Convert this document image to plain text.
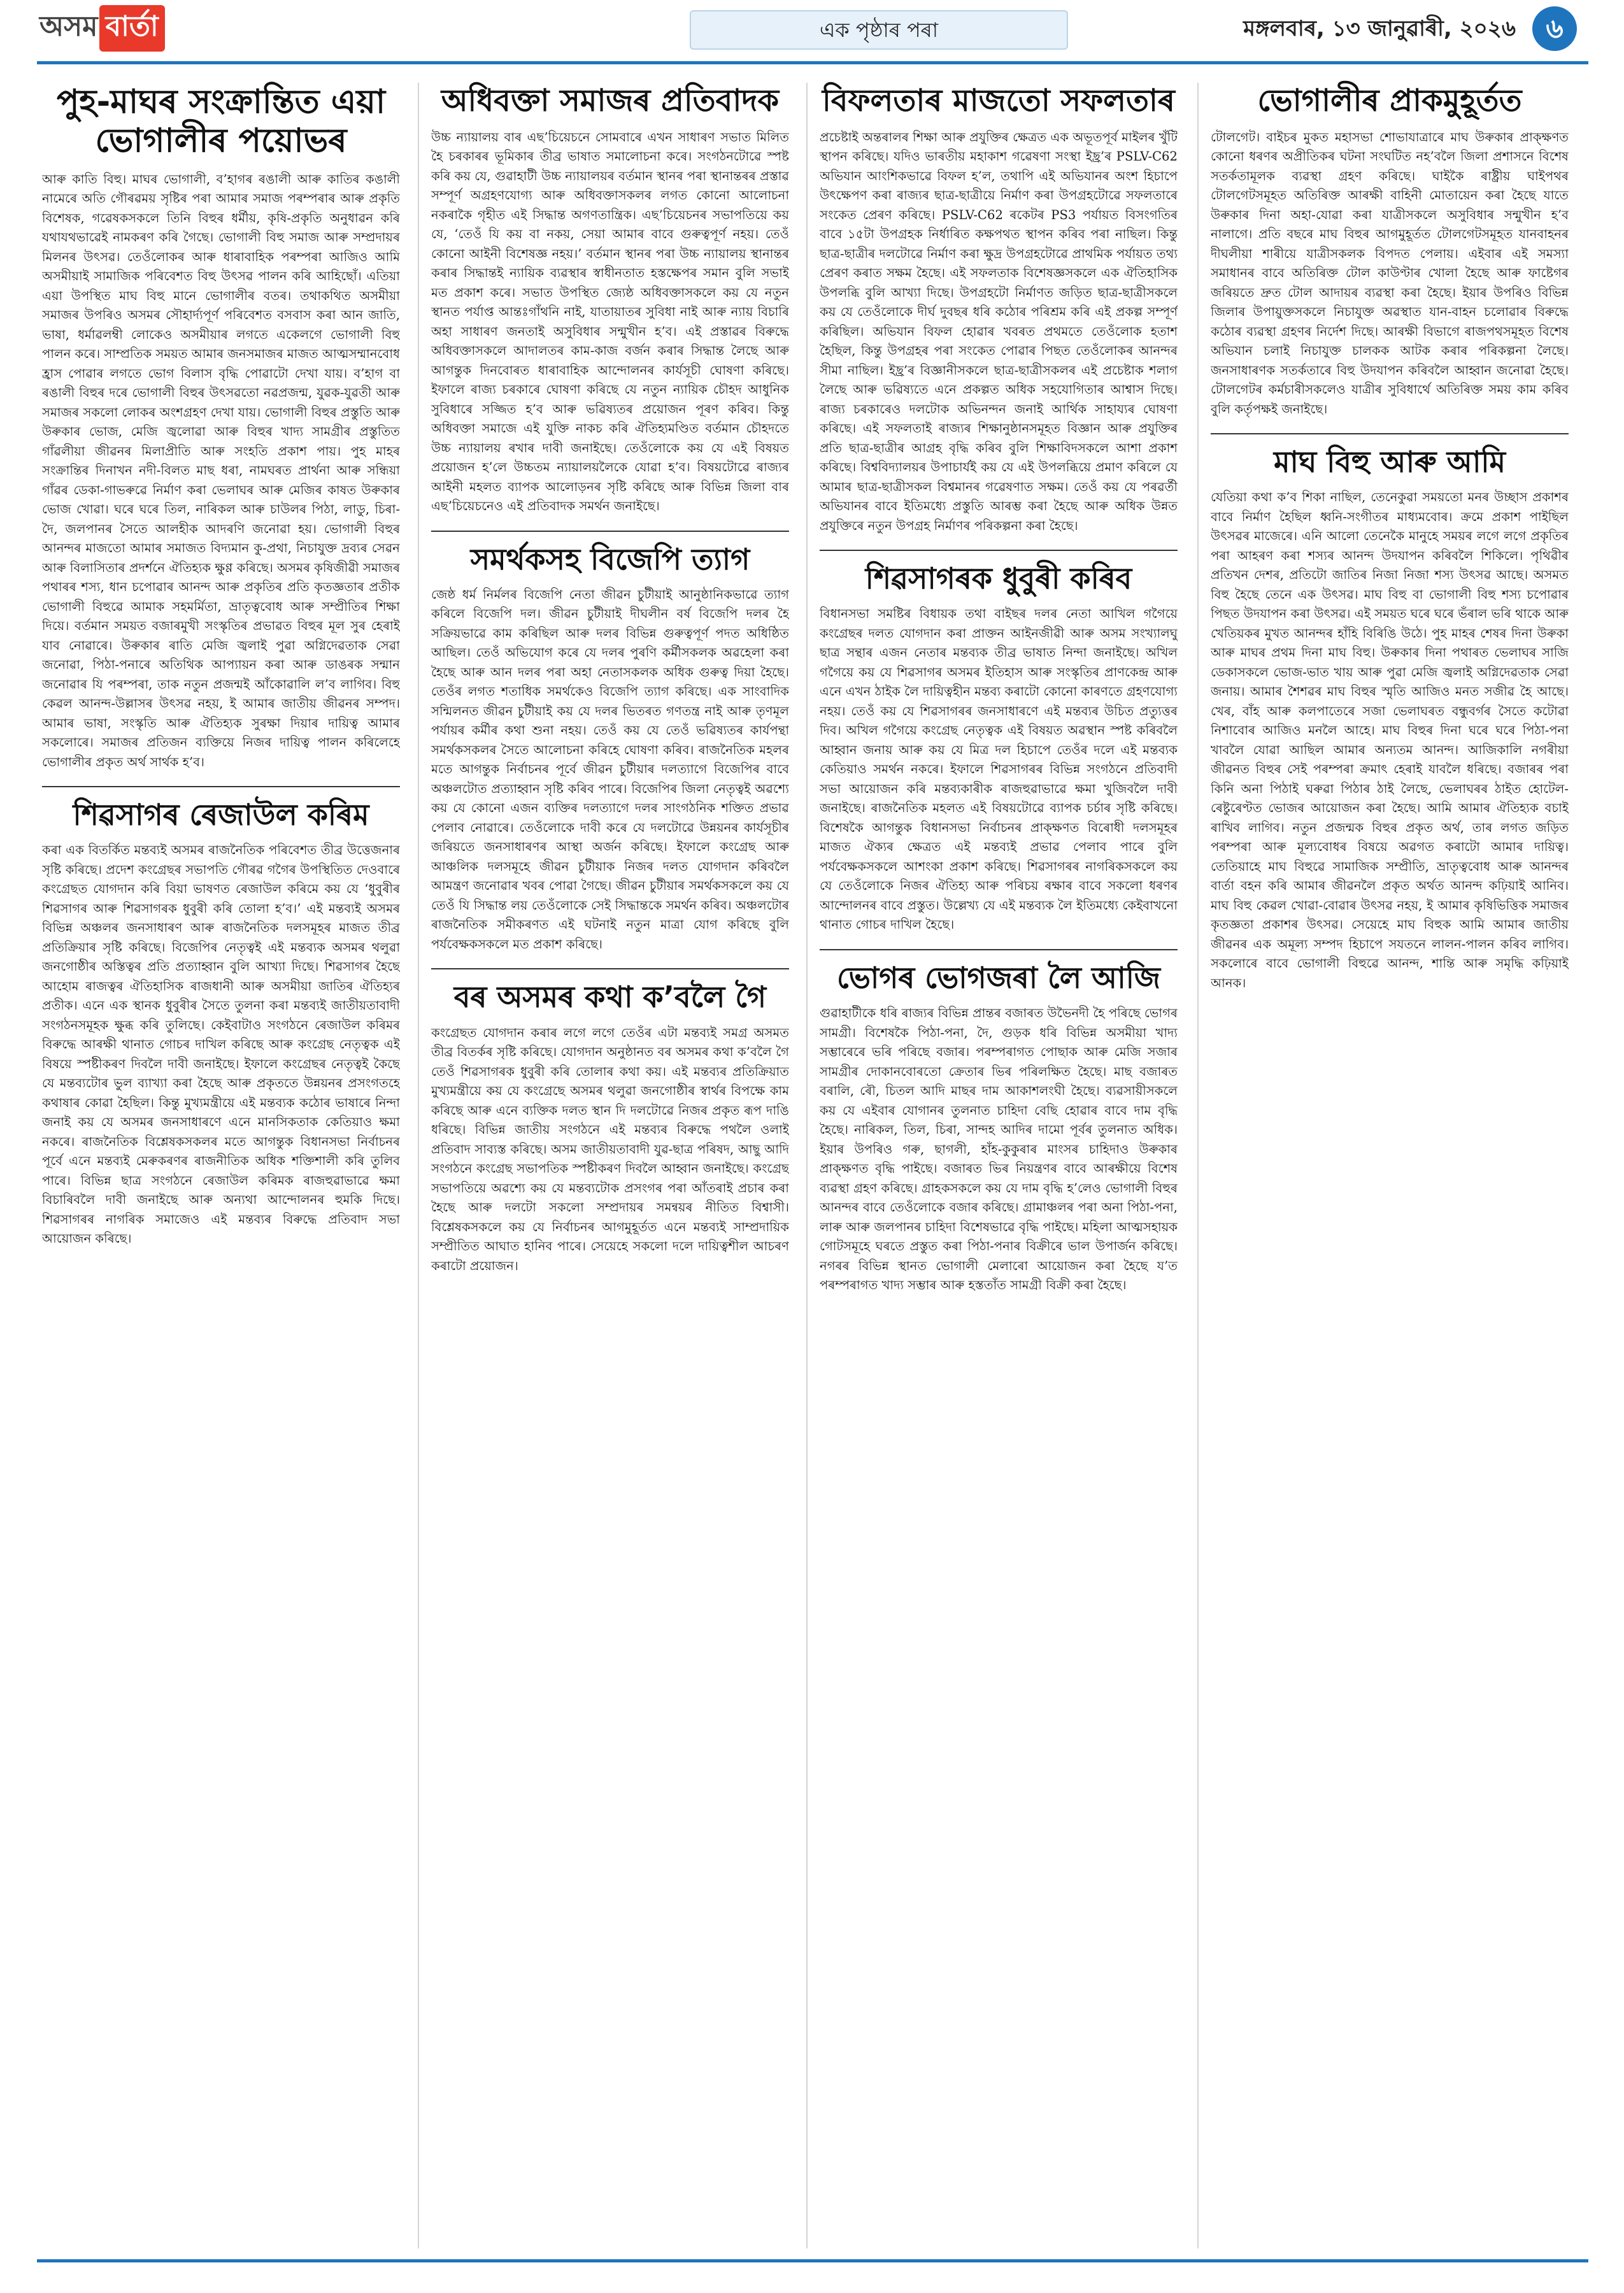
অসম বাৰ্তা	এক পৃষ্ঠাৰ পৰা	মঙ্গলবাৰ, ১৩ জানুৱাৰী, ২০২৬	৬
পুহ-মাঘৰ সংক্ৰান্তিত এয়া ভোগালীৰ পয়োভৰ
আৰু কাতি বিহু। মাঘৰ ভোগালী, ব’হাগৰ ৰঙালী আৰু কাতিৰ কঙালী নামেৰে অতি গৌৰৱময় সৃষ্টিৰ পৰা আমাৰ সমাজ পৰম্পৰাৰ আৰু প্ৰকৃতি বিশেষক, গৱেষকসকলে তিনি বিহুৰ ধৰ্মীয়, কৃষি-প্ৰকৃতি অনুধাৱন কৰি যথাযথভাৱেই নামকৰণ কৰি গৈছে। ভোগালী বিহু সমাজ আৰু সম্প্ৰদায়ৰ মিলনৰ উৎসৱ। তেওঁলোকৰ আৰু ধাৰাবাহিক পৰম্পৰা আজিও আমি অসমীয়াই সামাজিক পৰিবেশত বিহু উৎসৱ পালন কৰি আহিছোঁ। এতিয়া এয়া উপস্থিত মাঘ বিহু মানে ভোগালীৰ বতৰ। তথাকথিত অসমীয়া সমাজৰ উপৰিও অসমৰ সৌহাৰ্দ্যপূৰ্ণ পৰিবেশত বসবাস কৰা আন জাতি, ভাষা, ধৰ্মাৱলম্বী লোকেও অসমীয়াৰ লগতে একেলগে ভোগালী বিহু পালন কৰে। সাম্প্ৰতিক সময়ত আমাৰ জনসমাজৰ মাজত আত্মসম্মানবোধ হ্ৰাস পোৱাৰ লগতে ভোগ বিলাস বৃদ্ধি পোৱাটো দেখা যায়। ব’হাগ বা ৰঙালী বিহুৰ দৰে ভোগালী বিহুৰ উৎসৱতো নৱপ্ৰজন্ম, যুৱক-যুৱতী আৰু সমাজৰ সকলো লোকৰ অংশগ্ৰহণ দেখা যায়। ভোগালী বিহুৰ প্ৰস্তুতি আৰু উৰুকাৰ ভোজ, মেজি জ্বলোৱা আৰু বিহুৰ খাদ্য সামগ্ৰীৰ প্ৰস্তুতিত গাঁৱলীয়া জীৱনৰ মিলাপ্ৰীতি আৰু সংহতি প্ৰকাশ পায়। পুহ মাহৰ সংক্ৰান্তিৰ দিনাখন নদী-বিলত মাছ ধৰা, নামঘৰত প্ৰাৰ্থনা আৰু সন্ধিয়া গাঁৱৰ ডেকা-গাভৰুৱে নিৰ্মাণ কৰা ভেলাঘৰ আৰু মেজিৰ কাষত উৰুকাৰ ভোজ খোৱা। ঘৰে ঘৰে তিল, নাৰিকল আৰু চাউলৰ পিঠা, লাডু, চিৰা-দৈ, জলপানৰ সৈতে আলহীক আদৰণি জনোৱা হয়। ভোগালী বিহুৰ আনন্দৰ মাজতো আমাৰ সমাজত বিদ্যমান কু-প্ৰথা, নিচাযুক্ত দ্ৰব্যৰ সেৱন আৰু বিলাসিতাৰ প্ৰদৰ্শনে ঐতিহ্যক ক্ষুণ্ণ কৰিছে। অসমৰ কৃষিজীৱী সমাজৰ পথাৰৰ শস্য, ধান চপোৱাৰ আনন্দ আৰু প্ৰকৃতিৰ প্ৰতি কৃতজ্ঞতাৰ প্ৰতীক ভোগালী বিহুৱে আমাক সহমৰ্মিতা, ভ্ৰাতৃত্ববোধ আৰু সম্প্ৰীতিৰ শিক্ষা দিয়ে। বৰ্তমান সময়ত বজাৰমুখী সংস্কৃতিৰ প্ৰভাৱত বিহুৰ মূল সুৰ হেৰাই যাব নোৱাৰে। উৰুকাৰ ৰাতি মেজি জ্বলাই পুৱা অগ্নিদেৱতাক সেৱা জনোৱা, পিঠা-পনাৰে অতিথিক আপ্যায়ন কৰা আৰু ডাঙৰক সন্মান জনোৱাৰ যি পৰম্পৰা, তাক নতুন প্ৰজন্মই আঁকোৱালি ল’ব লাগিব। বিহু কেৱল আনন্দ-উল্লাসৰ উৎসৱ নহয়, ই আমাৰ জাতীয় জীৱনৰ সম্পদ। আমাৰ ভাষা, সংস্কৃতি আৰু ঐতিহ্যক সুৰক্ষা দিয়াৰ দায়িত্ব আমাৰ সকলোৰে। সমাজৰ প্ৰতিজন ব্যক্তিয়ে নিজৰ দায়িত্ব পালন কৰিলেহে ভোগালীৰ প্ৰকৃত অৰ্থ সাৰ্থক হ’ব।
শিৱসাগৰ ৰেজাউল কৰিম
কৰা এক বিতৰ্কিত মন্তব্যই অসমৰ ৰাজনৈতিক পৰিবেশত তীব্ৰ উত্তেজনাৰ সৃষ্টি কৰিছে। প্ৰদেশ কংগ্ৰেছৰ সভাপতি গৌৰৱ গগৈৰ উপস্থিতিত দেওবাৰে কংগ্ৰেছত যোগদান কৰি বিয়া ভাষণত ৰেজাউল কৰিমে কয় যে ‘ধুবুৰীৰ শিৱসাগৰ আৰু শিৱসাগৰক ধুবুৰী কৰি তোলা হ’ব।’ এই মন্তব্যই অসমৰ বিভিন্ন অঞ্চলৰ জনসাধাৰণ আৰু ৰাজনৈতিক দলসমূহৰ মাজত তীব্ৰ প্ৰতিক্ৰিয়াৰ সৃষ্টি কৰিছে। বিজেপিৰ নেতৃত্বই এই মন্তব্যক অসমৰ থলুৱা জনগোষ্ঠীৰ অস্তিত্বৰ প্ৰতি প্ৰত্যাহ্বান বুলি আখ্যা দিছে। শিৱসাগৰ হৈছে আহোম ৰাজত্বৰ ঐতিহাসিক ৰাজধানী আৰু অসমীয়া জাতিৰ ঐতিহ্যৰ প্ৰতীক। এনে এক স্থানক ধুবুৰীৰ সৈতে তুলনা কৰা মন্তব্যই জাতীয়তাবাদী সংগঠনসমূহক ক্ষুব্ধ কৰি তুলিছে। কেইবাটাও সংগঠনে ৰেজাউল কৰিমৰ বিৰুদ্ধে আৰক্ষী থানাত গোচৰ দাখিল কৰিছে আৰু কংগ্ৰেছ নেতৃত্বক এই বিষয়ে স্পষ্টীকৰণ দিবলৈ দাবী জনাইছে। ইফালে কংগ্ৰেছৰ নেতৃত্বই কৈছে যে মন্তব্যটোৰ ভুল ব্যাখ্যা কৰা হৈছে আৰু প্ৰকৃততে উন্নয়নৰ প্ৰসংগতহে কথাষাৰ কোৱা হৈছিল। কিন্তু মুখ্যমন্ত্ৰীয়ে এই মন্তব্যক কঠোৰ ভাষাৰে নিন্দা জনাই কয় যে অসমৰ জনসাধাৰণে এনে মানসিকতাক কেতিয়াও ক্ষমা নকৰে। ৰাজনৈতিক বিশ্লেষকসকলৰ মতে আগন্তুক বিধানসভা নিৰ্বাচনৰ পূৰ্বে এনে মন্তব্যই মেৰুকৰণৰ ৰাজনীতিক অধিক শক্তিশালী কৰি তুলিব পাৰে। বিভিন্ন ছাত্ৰ সংগঠনে ৰেজাউল কৰিমক ৰাজহুৱাভাৱে ক্ষমা বিচাৰিবলৈ দাবী জনাইছে আৰু অন্যথা আন্দোলনৰ হুমকি দিছে। শিৱসাগৰৰ নাগৰিক সমাজেও এই মন্তব্যৰ বিৰুদ্ধে প্ৰতিবাদ সভা আয়োজন কৰিছে।
অধিবক্তা সমাজৰ প্ৰতিবাদক
উচ্চ ন্যায়ালয় বাৰ এছ’চিয়েচনে সোমবাৰে এখন সাধাৰণ সভাত মিলিত হৈ চৰকাৰৰ ভূমিকাৰ তীব্ৰ ভাষাত সমালোচনা কৰে। সংগঠনটোৱে স্পষ্ট কৰি কয় যে, গুৱাহাটী উচ্চ ন্যায়ালয়ৰ বৰ্তমান স্থানৰ পৰা স্থানান্তৰৰ প্ৰস্তাৱ সম্পূৰ্ণ অগ্ৰহণযোগ্য আৰু অধিবক্তাসকলৰ লগত কোনো আলোচনা নকৰাকৈ গৃহীত এই সিদ্ধান্ত অগণতান্ত্ৰিক। এছ’চিয়েচনৰ সভাপতিয়ে কয় যে, ‘তেওঁ যি কয় বা নকয়, সেয়া আমাৰ বাবে গুৰুত্বপূৰ্ণ নহয়। তেওঁ কোনো আইনী বিশেষজ্ঞ নহয়।’ বৰ্তমান স্থানৰ পৰা উচ্চ ন্যায়ালয় স্থানান্তৰ কৰাৰ সিদ্ধান্তই ন্যায়িক ব্যৱস্থাৰ স্বাধীনতাত হস্তক্ষেপৰ সমান বুলি সভাই মত প্ৰকাশ কৰে। সভাত উপস্থিত জ্যেষ্ঠ অধিবক্তাসকলে কয় যে নতুন স্থানত পৰ্যাপ্ত আন্তঃগাঁথনি নাই, যাতায়াতৰ সুবিধা নাই আৰু ন্যায় বিচাৰি অহা সাধাৰণ জনতাই অসুবিধাৰ সন্মুখীন হ’ব। এই প্ৰস্তাৱৰ বিৰুদ্ধে অধিবক্তাসকলে আদালতৰ কাম-কাজ বৰ্জন কৰাৰ সিদ্ধান্ত লৈছে আৰু আগন্তুক দিনবোৰত ধাৰাবাহিক আন্দোলনৰ কাৰ্যসূচী ঘোষণা কৰিছে। ইফালে ৰাজ্য চৰকাৰে ঘোষণা কৰিছে যে নতুন ন্যায়িক চৌহদ আধুনিক সুবিধাৰে সজ্জিত হ’ব আৰু ভৱিষ্যতৰ প্ৰয়োজন পূৰণ কৰিব। কিন্তু অধিবক্তা সমাজে এই যুক্তি নাকচ কৰি ঐতিহ্যমণ্ডিত বৰ্তমান চৌহদতে উচ্চ ন্যায়ালয় ৰখাৰ দাবী জনাইছে। তেওঁলোকে কয় যে এই বিষয়ত প্ৰয়োজন হ’লে উচ্চতম ন্যায়ালয়লৈকে যোৱা হ’ব। বিষয়টোৱে ৰাজ্যৰ আইনী মহলত ব্যাপক আলোড়নৰ সৃষ্টি কৰিছে আৰু বিভিন্ন জিলা বাৰ এছ’চিয়েচনেও এই প্ৰতিবাদক সমৰ্থন জনাইছে।
সমৰ্থকসহ বিজেপি ত্যাগ
জেষ্ঠ ধৰ্ম নিৰ্মলৰ বিজেপি নেতা জীৱন চুটীয়াই আনুষ্ঠানিকভাৱে ত্যাগ কৰিলে বিজেপি দল। জীৱন চুটীয়াই দীঘলীন বৰ্ষ বিজেপি দলৰ হৈ সক্ৰিয়ভাৱে কাম কৰিছিল আৰু দলৰ বিভিন্ন গুৰুত্বপূৰ্ণ পদত অধিষ্ঠিত আছিল। তেওঁ অভিযোগ কৰে যে দলৰ পুৰণি কৰ্মীসকলক অৱহেলা কৰা হৈছে আৰু আন দলৰ পৰা অহা নেতাসকলক অধিক গুৰুত্ব দিয়া হৈছে। তেওঁৰ লগত শতাধিক সমৰ্থকেও বিজেপি ত্যাগ কৰিছে। এক সাংবাদিক সন্মিলনত জীৱন চুটীয়াই কয় যে দলৰ ভিতৰত গণতন্ত্ৰ নাই আৰু তৃণমূল পৰ্যায়ৰ কৰ্মীৰ কথা শুনা নহয়। তেওঁ কয় যে তেওঁ ভৱিষ্যতৰ কাৰ্যপন্থা সমৰ্থকসকলৰ সৈতে আলোচনা কৰিহে ঘোষণা কৰিব। ৰাজনৈতিক মহলৰ মতে আগন্তুক নিৰ্বাচনৰ পূৰ্বে জীৱন চুটীয়াৰ দলত্যাগে বিজেপিৰ বাবে অঞ্চলটোত প্ৰত্যাহ্বান সৃষ্টি কৰিব পাৰে। বিজেপিৰ জিলা নেতৃত্বই অৱশ্যে কয় যে কোনো এজন ব্যক্তিৰ দলত্যাগে দলৰ সাংগঠনিক শক্তিত প্ৰভাৱ পেলাব নোৱাৰে। তেওঁলোকে দাবী কৰে যে দলটোৱে উন্নয়নৰ কাৰ্যসূচীৰ জৰিয়তে জনসাধাৰণৰ আস্থা অৰ্জন কৰিছে। ইফালে কংগ্ৰেছ আৰু আঞ্চলিক দলসমূহে জীৱন চুটীয়াক নিজৰ দলত যোগদান কৰিবলৈ আমন্ত্ৰণ জনোৱাৰ খবৰ পোৱা গৈছে। জীৱন চুটীয়াৰ সমৰ্থকসকলে কয় যে তেওঁ যি সিদ্ধান্ত লয় তেওঁলোকে সেই সিদ্ধান্তকে সমৰ্থন কৰিব। অঞ্চলটোৰ ৰাজনৈতিক সমীকৰণত এই ঘটনাই নতুন মাত্ৰা যোগ কৰিছে বুলি পৰ্যবেক্ষকসকলে মত প্ৰকাশ কৰিছে।
বৰ অসমৰ কথা ক’বলৈ গৈ
কংগ্ৰেছত যোগদান কৰাৰ লগে লগে তেওঁৰ এটা মন্তব্যই সমগ্ৰ অসমত তীব্ৰ বিতৰ্কৰ সৃষ্টি কৰিছে। যোগদান অনুষ্ঠানত বৰ অসমৰ কথা ক’বলৈ গৈ তেওঁ শিৱসাগৰক ধুবুৰী কৰি তোলাৰ কথা কয়। এই মন্তব্যৰ প্ৰতিক্ৰিয়াত মুখ্যমন্ত্ৰীয়ে কয় যে কংগ্ৰেছে অসমৰ থলুৱা জনগোষ্ঠীৰ স্বাৰ্থৰ বিপক্ষে কাম কৰিছে আৰু এনে ব্যক্তিক দলত স্থান দি দলটোৱে নিজৰ প্ৰকৃত ৰূপ দাঙি ধৰিছে। বিভিন্ন জাতীয় সংগঠনে এই মন্তব্যৰ বিৰুদ্ধে পথলৈ ওলাই প্ৰতিবাদ সাব্যস্ত কৰিছে। অসম জাতীয়তাবাদী যুৱ-ছাত্ৰ পৰিষদ, আছু আদি সংগঠনে কংগ্ৰেছ সভাপতিক স্পষ্টীকৰণ দিবলৈ আহ্বান জনাইছে। কংগ্ৰেছ সভাপতিয়ে অৱশ্যে কয় যে মন্তব্যটোক প্ৰসংগৰ পৰা আঁতৰাই প্ৰচাৰ কৰা হৈছে আৰু দলটো সকলো সম্প্ৰদায়ৰ সমন্বয়ৰ নীতিত বিশ্বাসী। বিশ্লেষকসকলে কয় যে নিৰ্বাচনৰ আগমুহূৰ্তত এনে মন্তব্যই সাম্প্ৰদায়িক সম্প্ৰীতিত আঘাত হানিব পাৰে। সেয়েহে সকলো দলে দায়িত্বশীল আচৰণ কৰাটো প্ৰয়োজন।
বিফলতাৰ মাজতো সফলতাৰ
প্ৰচেষ্টাই অন্তৰালৰ শিক্ষা আৰু প্ৰযুক্তিৰ ক্ষেত্ৰত এক অভূতপূৰ্ব মাইলৰ খুঁটি স্থাপন কৰিছে। যদিও ভাৰতীয় মহাকাশ গৱেষণা সংস্থা ইছ্ৰ’ৰ PSLV-C62 অভিযান আংশিকভাৱে বিফল হ’ল, তথাপি এই অভিযানৰ অংশ হিচাপে উৎক্ষেপণ কৰা ৰাজ্যৰ ছাত্ৰ-ছাত্ৰীয়ে নিৰ্মাণ কৰা উপগ্ৰহটোৱে সফলতাৰে সংকেত প্ৰেৰণ কৰিছে। PSLV-C62 ৰকেটৰ PS3 পৰ্যায়ত বিসংগতিৰ বাবে ১৫টা উপগ্ৰহক নিৰ্ধাৰিত কক্ষপথত স্থাপন কৰিব পৰা নাছিল। কিন্তু ছাত্ৰ-ছাত্ৰীৰ দলটোৱে নিৰ্মাণ কৰা ক্ষুদ্ৰ উপগ্ৰহটোৱে প্ৰাথমিক পৰ্যায়ত তথ্য প্ৰেৰণ কৰাত সক্ষম হৈছে। এই সফলতাক বিশেষজ্ঞসকলে এক ঐতিহাসিক উপলব্ধি বুলি আখ্যা দিছে। উপগ্ৰহটো নিৰ্মাণত জড়িত ছাত্ৰ-ছাত্ৰীসকলে কয় যে তেওঁলোকে দীৰ্ঘ দুবছৰ ধৰি কঠোৰ পৰিশ্ৰম কৰি এই প্ৰকল্প সম্পূৰ্ণ কৰিছিল। অভিযান বিফল হোৱাৰ খবৰত প্ৰথমতে তেওঁলোক হতাশ হৈছিল, কিন্তু উপগ্ৰহৰ পৰা সংকেত পোৱাৰ পিছত তেওঁলোকৰ আনন্দৰ সীমা নাছিল। ইছ্ৰ’ৰ বিজ্ঞানীসকলে ছাত্ৰ-ছাত্ৰীসকলৰ এই প্ৰচেষ্টাক শলাগ লৈছে আৰু ভৱিষ্যতে এনে প্ৰকল্পত অধিক সহযোগিতাৰ আশ্বাস দিছে। ৰাজ্য চৰকাৰেও দলটোক অভিনন্দন জনাই আৰ্থিক সাহায্যৰ ঘোষণা কৰিছে। এই সফলতাই ৰাজ্যৰ শিক্ষানুষ্ঠানসমূহত বিজ্ঞান আৰু প্ৰযুক্তিৰ প্ৰতি ছাত্ৰ-ছাত্ৰীৰ আগ্ৰহ বৃদ্ধি কৰিব বুলি শিক্ষাবিদসকলে আশা প্ৰকাশ কৰিছে। বিশ্ববিদ্যালয়ৰ উপাচাৰ্যই কয় যে এই উপলব্ধিয়ে প্ৰমাণ কৰিলে যে আমাৰ ছাত্ৰ-ছাত্ৰীসকল বিশ্বমানৰ গৱেষণাত সক্ষম। তেওঁ কয় যে পৰৱৰ্তী অভিযানৰ বাবে ইতিমধ্যে প্ৰস্তুতি আৰম্ভ কৰা হৈছে আৰু অধিক উন্নত প্ৰযুক্তিৰে নতুন উপগ্ৰহ নিৰ্মাণৰ পৰিকল্পনা কৰা হৈছে।
শিৱসাগৰক ধুবুৰী কৰিব
বিধানসভা সমষ্টিৰ বিধায়ক তথা বাইছৰ দলৰ নেতা আখিল গগৈয়ে কংগ্ৰেছৰ দলত যোগদান কৰা প্ৰাক্তন আইনজীৱী আৰু অসম সংখ্যালঘু ছাত্ৰ সন্থাৰ এজন নেতাৰ মন্তব্যক তীব্ৰ ভাষাত নিন্দা জনাইছে। অখিল গগৈয়ে কয় যে শিৱসাগৰ অসমৰ ইতিহাস আৰু সংস্কৃতিৰ প্ৰাণকেন্দ্ৰ আৰু এনে এখন ঠাইক লৈ দায়িত্বহীন মন্তব্য কৰাটো কোনো কাৰণতে গ্ৰহণযোগ্য নহয়। তেওঁ কয় যে শিৱসাগৰৰ জনসাধাৰণে এই মন্তব্যৰ উচিত প্ৰত্যুত্তৰ দিব। অখিল গগৈয়ে কংগ্ৰেছ নেতৃত্বক এই বিষয়ত অৱস্থান স্পষ্ট কৰিবলৈ আহ্বান জনায় আৰু কয় যে মিত্ৰ দল হিচাপে তেওঁৰ দলে এই মন্তব্যক কেতিয়াও সমৰ্থন নকৰে। ইফালে শিৱসাগৰৰ বিভিন্ন সংগঠনে প্ৰতিবাদী সভা আয়োজন কৰি মন্তব্যকাৰীক ৰাজহুৱাভাৱে ক্ষমা খুজিবলৈ দাবী জনাইছে। ৰাজনৈতিক মহলত এই বিষয়টোৱে ব্যাপক চৰ্চাৰ সৃষ্টি কৰিছে। বিশেষকৈ আগন্তুক বিধানসভা নিৰ্বাচনৰ প্ৰাক্ক্ষণত বিৰোধী দলসমূহৰ মাজত ঐক্যৰ ক্ষেত্ৰত এই মন্তব্যই প্ৰভাৱ পেলাব পাৰে বুলি পৰ্যবেক্ষকসকলে আশংকা প্ৰকাশ কৰিছে। শিৱসাগৰৰ নাগৰিকসকলে কয় যে তেওঁলোকে নিজৰ ঐতিহ্য আৰু পৰিচয় ৰক্ষাৰ বাবে সকলো ধৰণৰ আন্দোলনৰ বাবে প্ৰস্তুত। উল্লেখ্য যে এই মন্তব্যক লৈ ইতিমধ্যে কেইবাখনো থানাত গোচৰ দাখিল হৈছে।
ভোগৰ ভোগজৰা লৈ আজি
গুৱাহাটীকে ধৰি ৰাজ্যৰ বিভিন্ন প্ৰান্তৰ বজাৰত উভৈনদী হৈ পৰিছে ভোগৰ সামগ্ৰী। বিশেষকৈ পিঠা-পনা, দৈ, গুড়ক ধৰি বিভিন্ন অসমীয়া খাদ্য সম্ভাৰেৰে ভৰি পৰিছে বজাৰ। পৰম্পৰাগত পোছাক আৰু মেজি সজাৰ সামগ্ৰীৰ দোকানবোৰতো ক্ৰেতাৰ ভিৰ পৰিলক্ষিত হৈছে। মাছ বজাৰত বৰালি, ৰৌ, চিতল আদি মাছৰ দাম আকাশলংঘী হৈছে। ব্যৱসায়ীসকলে কয় যে এইবাৰ যোগানৰ তুলনাত চাহিদা বেছি হোৱাৰ বাবে দাম বৃদ্ধি হৈছে। নাৰিকল, তিল, চিৰা, সান্দহ আদিৰ দামো পূৰ্বৰ তুলনাত অধিক। ইয়াৰ উপৰিও গৰু, ছাগলী, হাঁহ-কুকুৰাৰ মাংসৰ চাহিদাও উৰুকাৰ প্ৰাক্ক্ষণত বৃদ্ধি পাইছে। বজাৰত ভিৰ নিয়ন্ত্ৰণৰ বাবে আৰক্ষীয়ে বিশেষ ব্যৱস্থা গ্ৰহণ কৰিছে। গ্ৰাহকসকলে কয় যে দাম বৃদ্ধি হ’লেও ভোগালী বিহুৰ আনন্দৰ বাবে তেওঁলোকে বজাৰ কৰিছে। গ্ৰামাঞ্চলৰ পৰা অনা পিঠা-পনা, লাৰু আৰু জলপানৰ চাহিদা বিশেষভাৱে বৃদ্ধি পাইছে। মহিলা আত্মসহায়ক গোটসমূহে ঘৰতে প্ৰস্তুত কৰা পিঠা-পনাৰ বিক্ৰীৰে ভাল উপাৰ্জন কৰিছে। নগৰৰ বিভিন্ন স্থানত ভোগালী মেলাৰো আয়োজন কৰা হৈছে য’ত পৰম্পৰাগত খাদ্য সম্ভাৰ আৰু হস্ততাঁত সামগ্ৰী বিক্ৰী কৰা হৈছে।
ভোগালীৰ প্ৰাকমুহূৰ্তত
টোলগেট। বাইচৰ মুকত মহাসভা শোভাযাত্ৰাৰে মাঘ উৰুকাৰ প্ৰাক্ক্ষণত কোনো ধৰণৰ অপ্ৰীতিকৰ ঘটনা সংঘটিত নহ’বলৈ জিলা প্ৰশাসনে বিশেষ সতৰ্কতামূলক ব্যৱস্থা গ্ৰহণ কৰিছে। ঘাইকৈ ৰাষ্ট্ৰীয় ঘাইপথৰ টোলগেটসমূহত অতিৰিক্ত আৰক্ষী বাহিনী মোতায়েন কৰা হৈছে যাতে উৰুকাৰ দিনা অহা-যোৱা কৰা যাত্ৰীসকলে অসুবিধাৰ সন্মুখীন হ’ব নালাগে। প্ৰতি বছৰে মাঘ বিহুৰ আগমুহূৰ্তত টোলগেটসমূহত যানবাহনৰ দীঘলীয়া শাৰীয়ে যাত্ৰীসকলক বিপদত পেলায়। এইবাৰ এই সমস্যা সমাধানৰ বাবে অতিৰিক্ত টোল কাউণ্টাৰ খোলা হৈছে আৰু ফাষ্টেগৰ জৰিয়তে দ্ৰুত টোল আদায়ৰ ব্যৱস্থা কৰা হৈছে। ইয়াৰ উপৰিও বিভিন্ন জিলাৰ উপায়ুক্তসকলে নিচাযুক্ত অৱস্থাত যান-বাহন চলোৱাৰ বিৰুদ্ধে কঠোৰ ব্যৱস্থা গ্ৰহণৰ নিৰ্দেশ দিছে। আৰক্ষী বিভাগে ৰাজপথসমূহত বিশেষ অভিযান চলাই নিচাযুক্ত চালকক আটক কৰাৰ পৰিকল্পনা লৈছে। জনসাধাৰণক সতৰ্কতাৰে বিহু উদযাপন কৰিবলৈ আহ্বান জনোৱা হৈছে। টোলগেটৰ কৰ্মচাৰীসকলেও যাত্ৰীৰ সুবিধাৰ্থে অতিৰিক্ত সময় কাম কৰিব বুলি কৰ্তৃপক্ষই জনাইছে।
মাঘ বিহু আৰু আমি
যেতিয়া কথা ক’ব শিকা নাছিল, তেনেকুৱা সময়তো মনৰ উচ্ছাস প্ৰকাশৰ বাবে নিৰ্মাণ হৈছিল ধ্বনি-সংগীতৰ মাধ্যমবোৰ। ক্ৰমে প্ৰকাশ পাইছিল উৎসৱৰ মাজেৰে। এনি আলো তেনেকৈ মানুহে সময়ৰ লগে লগে প্ৰকৃতিৰ পৰা আহৰণ কৰা শস্যৰ আনন্দ উদযাপন কৰিবলৈ শিকিলে। পৃথিৱীৰ প্ৰতিখন দেশৰ, প্ৰতিটো জাতিৰ নিজা নিজা শস্য উৎসৱ আছে। অসমত বিহু হৈছে তেনে এক উৎসৱ। মাঘ বিহু বা ভোগালী বিহু শস্য চপোৱাৰ পিছত উদযাপন কৰা উৎসৱ। এই সময়ত ঘৰে ঘৰে ভঁৰাল ভৰি থাকে আৰু খেতিয়কৰ মুখত আনন্দৰ হাঁহি বিৰিঙি উঠে। পুহ মাহৰ শেষৰ দিনা উৰুকা আৰু মাঘৰ প্ৰথম দিনা মাঘ বিহু। উৰুকাৰ দিনা পথাৰত ভেলাঘৰ সাজি ডেকাসকলে ভোজ-ভাত খায় আৰু পুৱা মেজি জ্বলাই অগ্নিদেৱতাক সেৱা জনায়। আমাৰ শৈশৱৰ মাঘ বিহুৰ স্মৃতি আজিও মনত সজীৱ হৈ আছে। খেৰ, বাঁহ আৰু কলপাতেৰে সজা ভেলাঘৰত বন্ধুবৰ্গৰ সৈতে কটোৱা নিশাবোৰ আজিও মনলৈ আহে। মাঘ বিহুৰ দিনা ঘৰে ঘৰে পিঠা-পনা খাবলৈ যোৱা আছিল আমাৰ অন্যতম আনন্দ। আজিকালি নগৰীয়া জীৱনত বিহুৰ সেই পৰম্পৰা ক্ৰমাৎ হেৰাই যাবলৈ ধৰিছে। বজাৰৰ পৰা কিনি অনা পিঠাই ঘৰুৱা পিঠাৰ ঠাই লৈছে, ভেলাঘৰৰ ঠাইত হোটেল-ৰেষ্টুৰেণ্টত ভোজৰ আয়োজন কৰা হৈছে। আমি আমাৰ ঐতিহ্যক বচাই ৰাখিব লাগিব। নতুন প্ৰজন্মক বিহুৰ প্ৰকৃত অৰ্থ, তাৰ লগত জড়িত পৰম্পৰা আৰু মূল্যবোধৰ বিষয়ে অৱগত কৰাটো আমাৰ দায়িত্ব। তেতিয়াহে মাঘ বিহুৱে সামাজিক সম্প্ৰীতি, ভ্ৰাতৃত্ববোধ আৰু আনন্দৰ বাৰ্তা বহন কৰি আমাৰ জীৱনলৈ প্ৰকৃত অৰ্থত আনন্দ কঢ়িয়াই আনিব। মাঘ বিহু কেৱল খোৱা-বোৱাৰ উৎসৱ নহয়, ই আমাৰ কৃষিভিত্তিক সমাজৰ কৃতজ্ঞতা প্ৰকাশৰ উৎসৱ। সেয়েহে মাঘ বিহুক আমি আমাৰ জাতীয় জীৱনৰ এক অমূল্য সম্পদ হিচাপে সযতনে লালন-পালন কৰিব লাগিব। সকলোৰে বাবে ভোগালী বিহুৱে আনন্দ, শান্তি আৰু সমৃদ্ধি কঢ়িয়াই আনক।
